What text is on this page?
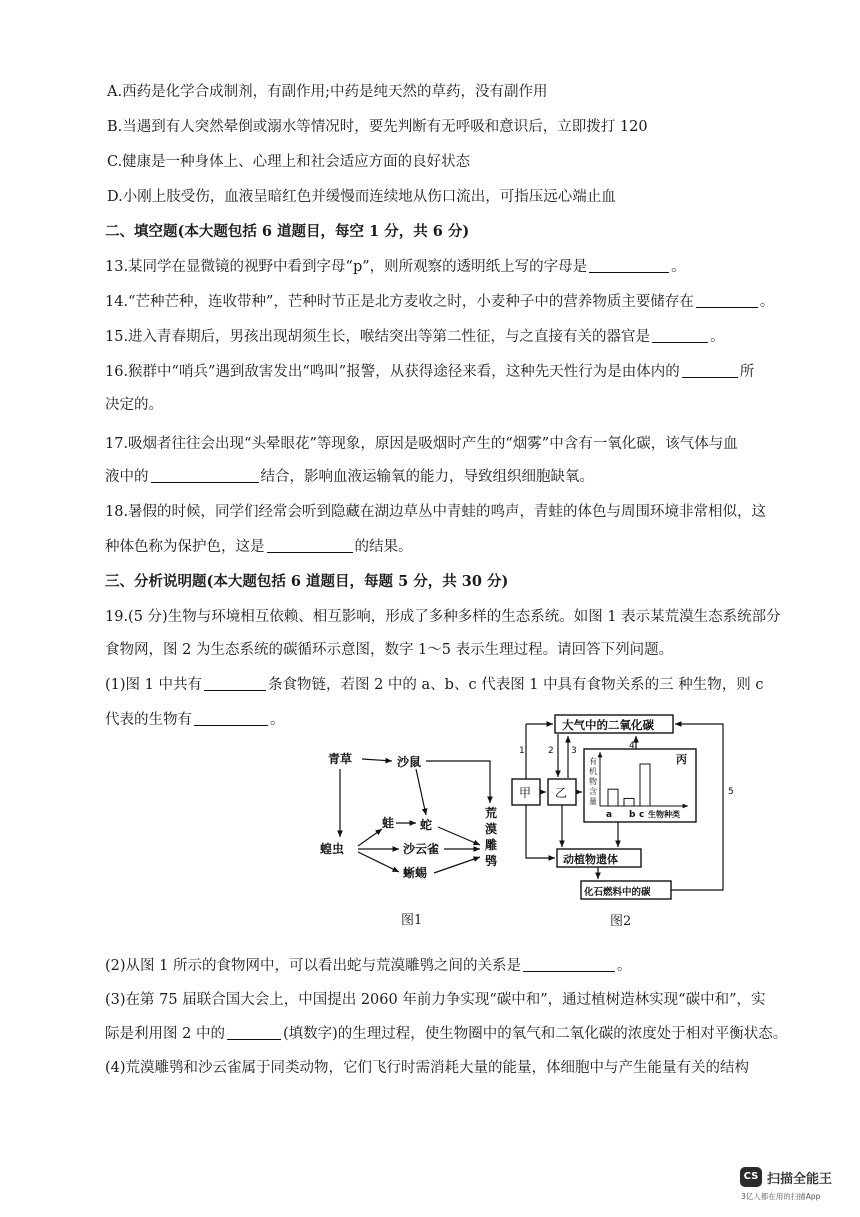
A.西药是化学合成制剂，有副作用;中药是纯天然的草药，没有副作用
B.当遇到有人突然晕倒或溺水等情况时，要先判断有无呼吸和意识后，立即拨打 120
C.健康是一种身体上、心理上和社会适应方面的良好状态
D.小刚上肢受伤，血液呈暗红色并缓慢而连续地从伤口流出，可指压远心端止血
二、填空题(本大题包括 6 道题目，每空 1 分，共 6 分)
13.某同学在显微镜的视野中看到字母“p”，则所观察的透明纸上写的字母是	。
14.“芒种芒种，连收带种”，芒种时节正是北方麦收之时，小麦种子中的营养物质主要储存在	。
15.进入青春期后，男孩出现胡须生长，喉结突出等第二性征，与之直接有关的器官是	。
16.猴群中“哨兵”遇到敌害发出“鸣叫”报警，从获得途径来看，这种先天性行为是由体内的	所
决定的。
17.吸烟者往往会出现“头晕眼花”等现象，原因是吸烟时产生的“烟雾”中含有一氧化碳，该气体与血
液中的	结合，影响血液运输氧的能力，导致组织细胞缺氧。
18.暑假的时候，同学们经常会听到隐藏在湖边草丛中青蛙的鸣声，青蛙的体色与周围环境非常相似，这
种体色称为保护色，这是	的结果。
三、分析说明题(本大题包括 6 道题目，每题 5 分，共 30 分)
19.(5 分)生物与环境相互依赖、相互影响，形成了多种多样的生态系统。如图 1 表示某荒漠生态系统部分
食物网，图 2 为生态系统的碳循环示意图，数字 1～5 表示生理过程。请回答下列问题。
(1)图 1 中共有	条食物链，若图 2 中的 a、b、c 代表图 1 中具有食物关系的三 种生物，则 c
代表的生物有	。
青草	沙鼠
蛙 蛇
蝗虫	沙云雀
蜥蜴
荒
漠
雕
鸮
图1
大气中的二氧化碳
甲 乙
丙
动植物遗体
化石燃料中的碳
有
机
物
含
量
a b c 生物种类
1	2 3	4
5
图2
(2)从图 1 所示的食物网中，可以看出蛇与荒漠雕鸮之间的关系是	。
(3)在第 75 届联合国大会上，中国提出 2060 年前力争实现“碳中和”，通过植树造林实现“碳中和”，实
际是利用图 2 中的	(填数字)的生理过程，使生物圈中的氧气和二氧化碳的浓度处于相对平衡状态。
(4)荒漠雕鸮和沙云雀属于同类动物，它们飞行时需消耗大量的能量，体细胞中与产生能量有关的结构
CS 扫描全能王
3亿人都在用的扫描App
